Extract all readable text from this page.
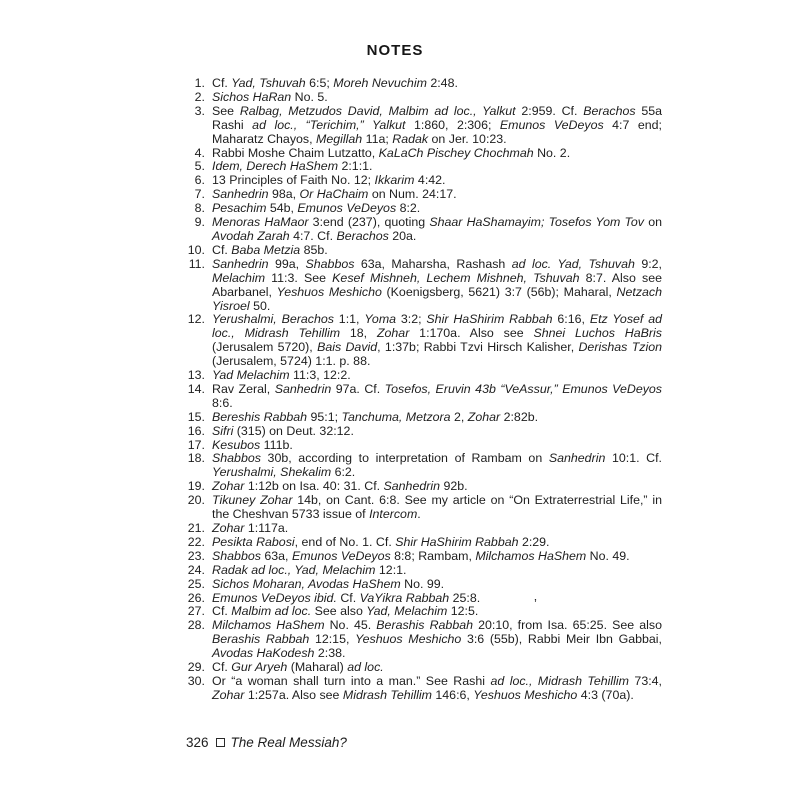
NOTES
1. Cf. Yad, Tshuvah 6:5; Moreh Nevuchim 2:48.
2. Sichos HaRan No. 5.
3. See Ralbag, Metzudos David, Malbim ad loc., Yalkut 2:959. Cf. Berachos 55a Rashi ad loc., “Terichim,” Yalkut 1:860, 2:306; Emunos VeDeyos 4:7 end; Maharatz Chayos, Megillah 11a; Radak on Jer. 10:23.
4. Rabbi Moshe Chaim Lutzatto, KaLaCh Pischey Chochmah No. 2.
5. Idem, Derech HaShem 2:1:1.
6. 13 Principles of Faith No. 12; Ikkarim 4:42.
7. Sanhedrin 98a, Or HaChaim on Num. 24:17.
8. Pesachim 54b, Emunos VeDeyos 8:2.
9. Menoras HaMaor 3:end (237), quoting Shaar HaShamayim; Tosefos Yom Tov on Avodah Zarah 4:7. Cf. Berachos 20a.
10. Cf. Baba Metzia 85b.
11. Sanhedrin 99a, Shabbos 63a, Maharsha, Rashash ad loc. Yad, Tshuvah 9:2, Melachim 11:3. See Kesef Mishneh, Lechem Mishneh, Tshuvah 8:7. Also see Abarbanel, Yeshuos Meshicho (Koenigsberg, 5621) 3:7 (56b); Maharal, Netzach Yisroel 50.
12. Yerushalmi, Berachos 1:1, Yoma 3:2; Shir HaShirim Rabbah 6:16, Etz Yosef ad loc., Midrash Tehillim 18, Zohar 1:170a. Also see Shnei Luchos HaBris (Jerusalem 5720), Bais David, 1:37b; Rabbi Tzvi Hirsch Kalisher, Derishas Tzion (Jerusalem, 5724) 1:1. p. 88.
13. Yad Melachim 11:3, 12:2.
14. Rav Zeral, Sanhedrin 97a. Cf. Tosefos, Eruvin 43b “VeAssur,” Emunos VeDeyos 8:6.
15. Bereshis Rabbah 95:1; Tanchuma, Metzora 2, Zohar 2:82b.
16. Sifri (315) on Deut. 32:12.
17. Kesubos 111b.
18. Shabbos 30b, according to interpretation of Rambam on Sanhedrin 10:1. Cf. Yerushalmi, Shekalim 6:2.
19. Zohar 1:12b on Isa. 40: 31. Cf. Sanhedrin 92b.
20. Tikuney Zohar 14b, on Cant. 6:8. See my article on “On Extraterrestrial Life,” in the Cheshvan 5733 issue of Intercom.
21. Zohar 1:117a.
22. Pesikta Rabosi, end of No. 1. Cf. Shir HaShirim Rabbah 2:29.
23. Shabbos 63a, Emunos VeDeyos 8:8; Rambam, Milchamos HaShem No. 49.
24. Radak ad loc., Yad, Melachim 12:1.
25. Sichos Moharan, Avodas HaShem No. 99.
26. Emunos VeDeyos ibid. Cf. VaYikra Rabbah 25:8.
27. Cf. Malbim ad loc. See also Yad, Melachim 12:5.
28. Milchamos HaShem No. 45. Berashis Rabbah 20:10, from Isa. 65:25. See also Berashis Rabbah 12:15, Yeshuos Meshicho 3:6 (55b), Rabbi Meir Ibn Gabbai, Avodas HaKodesh 2:38.
29. Cf. Gur Aryeh (Maharal) ad loc.
30. Or “a woman shall turn into a man.” See Rashi ad loc., Midrash Tehillim 73:4, Zohar 1:257a. Also see Midrash Tehillim 146:6, Yeshuos Meshicho 4:3 (70a).
’
326 The Real Messiah?
